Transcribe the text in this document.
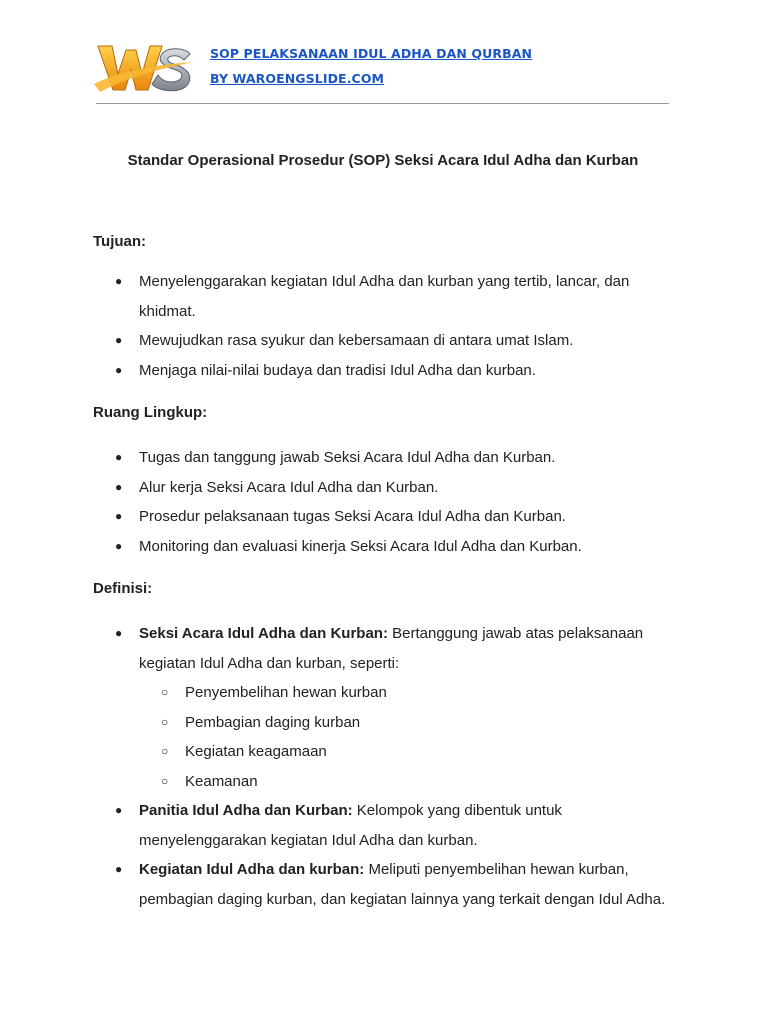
SOP PELAKSANAAN IDUL ADHA DAN QURBAN
BY WAROENGSLIDE.COM
Standar Operasional Prosedur (SOP) Seksi Acara Idul Adha dan Kurban
Tujuan:
● Menyelenggarakan kegiatan Idul Adha dan kurban yang tertib, lancar, dan khidmat.
● Mewujudkan rasa syukur dan kebersamaan di antara umat Islam.
● Menjaga nilai-nilai budaya dan tradisi Idul Adha dan kurban.
Ruang Lingkup:
● Tugas dan tanggung jawab Seksi Acara Idul Adha dan Kurban.
● Alur kerja Seksi Acara Idul Adha dan Kurban.
● Prosedur pelaksanaan tugas Seksi Acara Idul Adha dan Kurban.
● Monitoring dan evaluasi kinerja Seksi Acara Idul Adha dan Kurban.
Definisi:
● Seksi Acara Idul Adha dan Kurban: Bertanggung jawab atas pelaksanaan kegiatan Idul Adha dan kurban, seperti:
○ Penyembelihan hewan kurban
○ Pembagian daging kurban
○ Kegiatan keagamaan
○ Keamanan
● Panitia Idul Adha dan Kurban: Kelompok yang dibentuk untuk menyelenggarakan kegiatan Idul Adha dan kurban.
● Kegiatan Idul Adha dan kurban: Meliputi penyembelihan hewan kurban, pembagian daging kurban, dan kegiatan lainnya yang terkait dengan Idul Adha.
